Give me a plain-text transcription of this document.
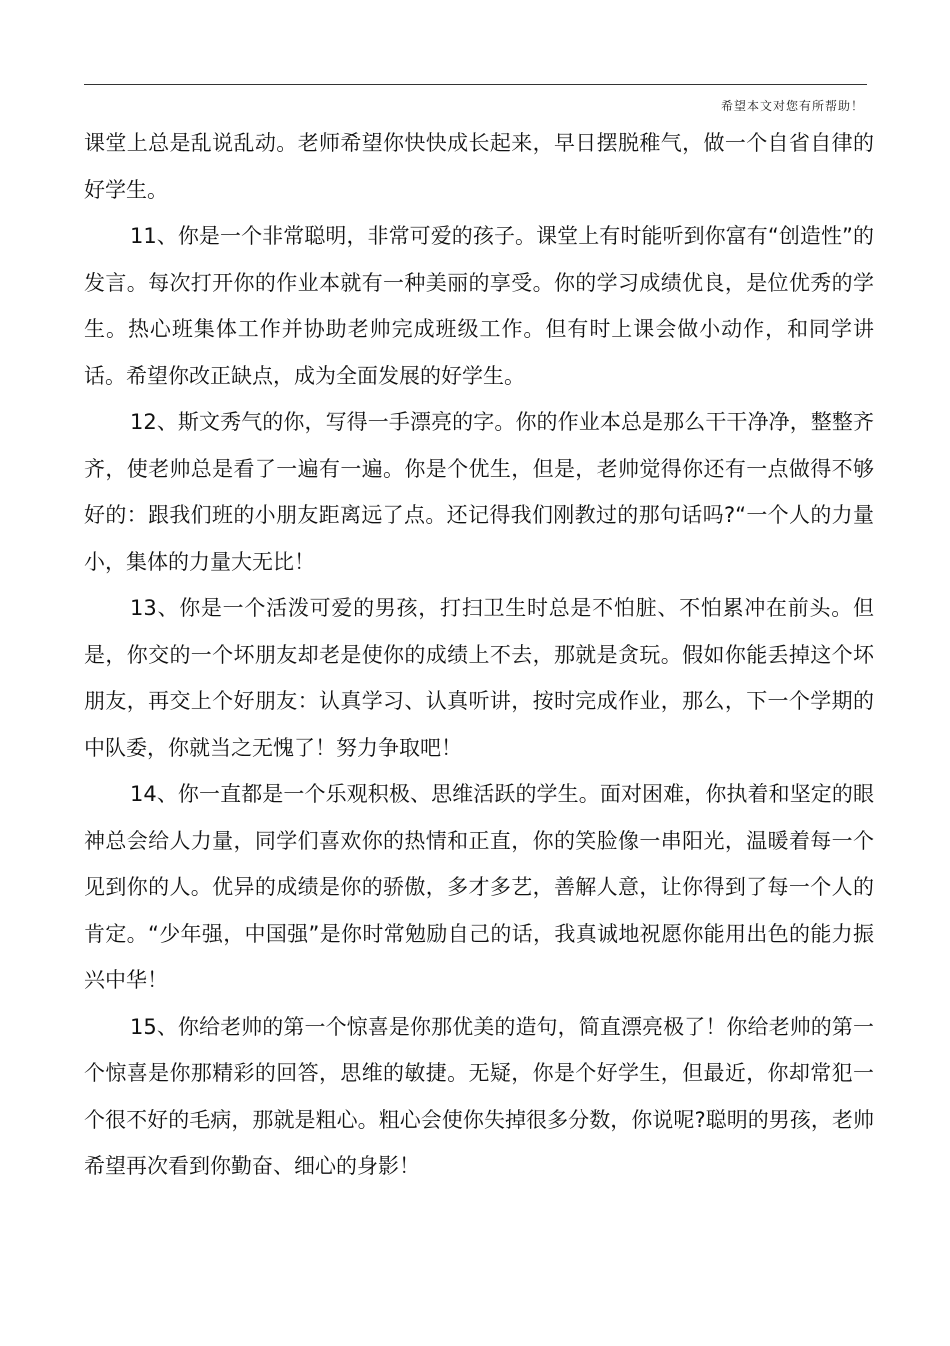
希望本文对您有所帮助！

课堂上总是乱说乱动。老师希望你快快成长起来，早日摆脱稚气，做一个自省自律的好学生。

11、你是一个非常聪明，非常可爱的孩子。课堂上有时能听到你富有“创造性”的发言。每次打开你的作业本就有一种美丽的享受。你的学习成绩优良，是位优秀的学生。热心班集体工作并协助老帅完成班级工作。但有时上课会做小动作，和同学讲话。希望你改正缺点，成为全面发展的好学生。

12、斯文秀气的你，写得一手漂亮的字。你的作业本总是那么干干净净，整整齐齐，使老帅总是看了一遍有一遍。你是个优生，但是，老帅觉得你还有一点做得不够好的：跟我们班的小朋友距离远了点。还记得我们刚教过的那句话吗?“一个人的力量小，集体的力量大无比！

13、你是一个活泼可爱的男孩，打扫卫生时总是不怕脏、不怕累冲在前头。但是，你交的一个坏朋友却老是使你的成绩上不去，那就是贪玩。假如你能丢掉这个坏朋友，再交上个好朋友：认真学习、认真听讲，按时完成作业，那么，下一个学期的中队委，你就当之无愧了！努力争取吧！

14、你一直都是一个乐观积极、思维活跃的学生。面对困难，你执着和坚定的眼神总会给人力量，同学们喜欢你的热情和正直，你的笑脸像一串阳光，温暖着每一个见到你的人。优异的成绩是你的骄傲，多才多艺，善解人意，让你得到了每一个人的肯定。“少年强，中国强”是你时常勉励自己的话，我真诚地祝愿你能用出色的能力振兴中华！

15、你给老帅的第一个惊喜是你那优美的造句，简直漂亮极了！你给老帅的第一个惊喜是你那精彩的回答，思维的敏捷。无疑，你是个好学生，但最近，你却常犯一个很不好的毛病，那就是粗心。粗心会使你失掉很多分数，你说呢?聪明的男孩，老帅希望再次看到你勤奋、细心的身影！
